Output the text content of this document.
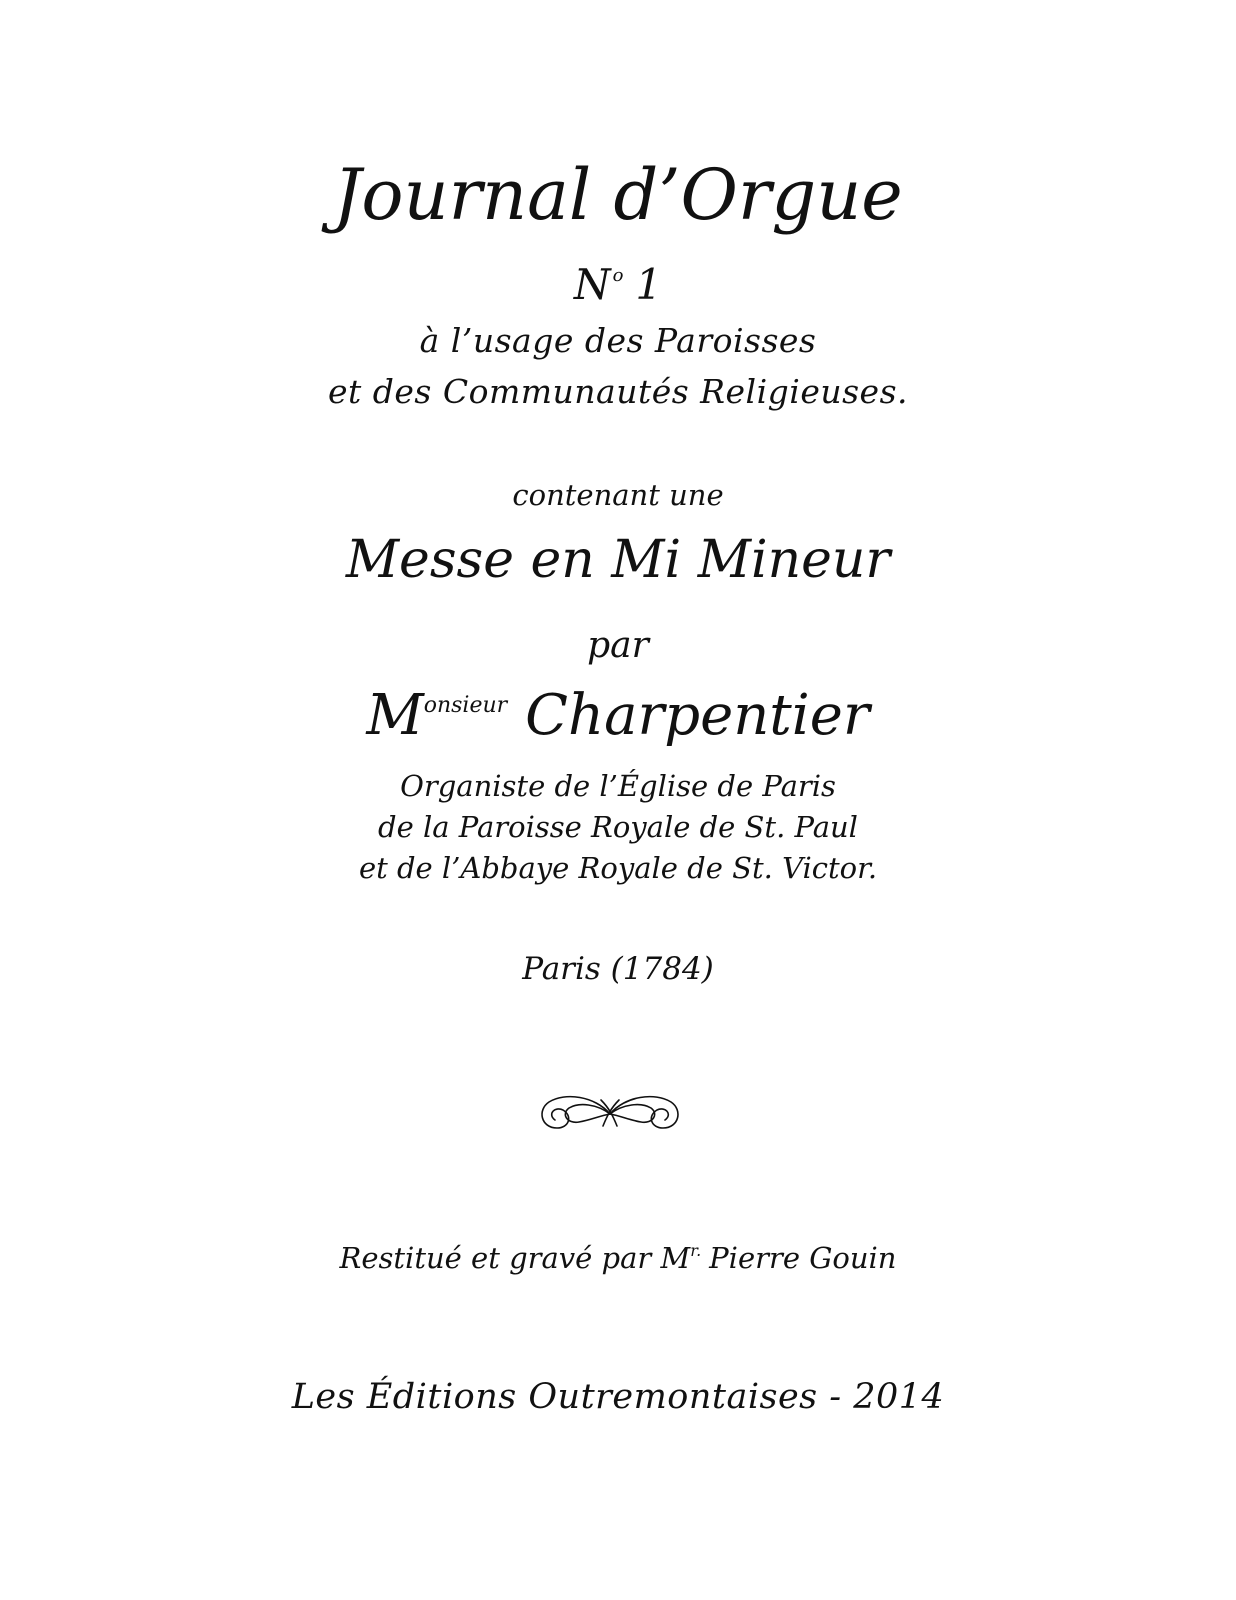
Journal d’Orgue
N $^o$ 1
à l’usage des Paroisses
et des Communautés Religieuses.
contenant une
Messe en Mi Mineur
par
$M^{onsieur}$ Charpentier
Organiste de l’Église de Paris
de la Paroisse Royale de St. Paul
et de l’Abbaye Royale de St. Victor.
Paris (1784)
Restitué et gravé par $M^{r.}$ Pierre Gouin
Les Éditions Outremontaises - 2014
